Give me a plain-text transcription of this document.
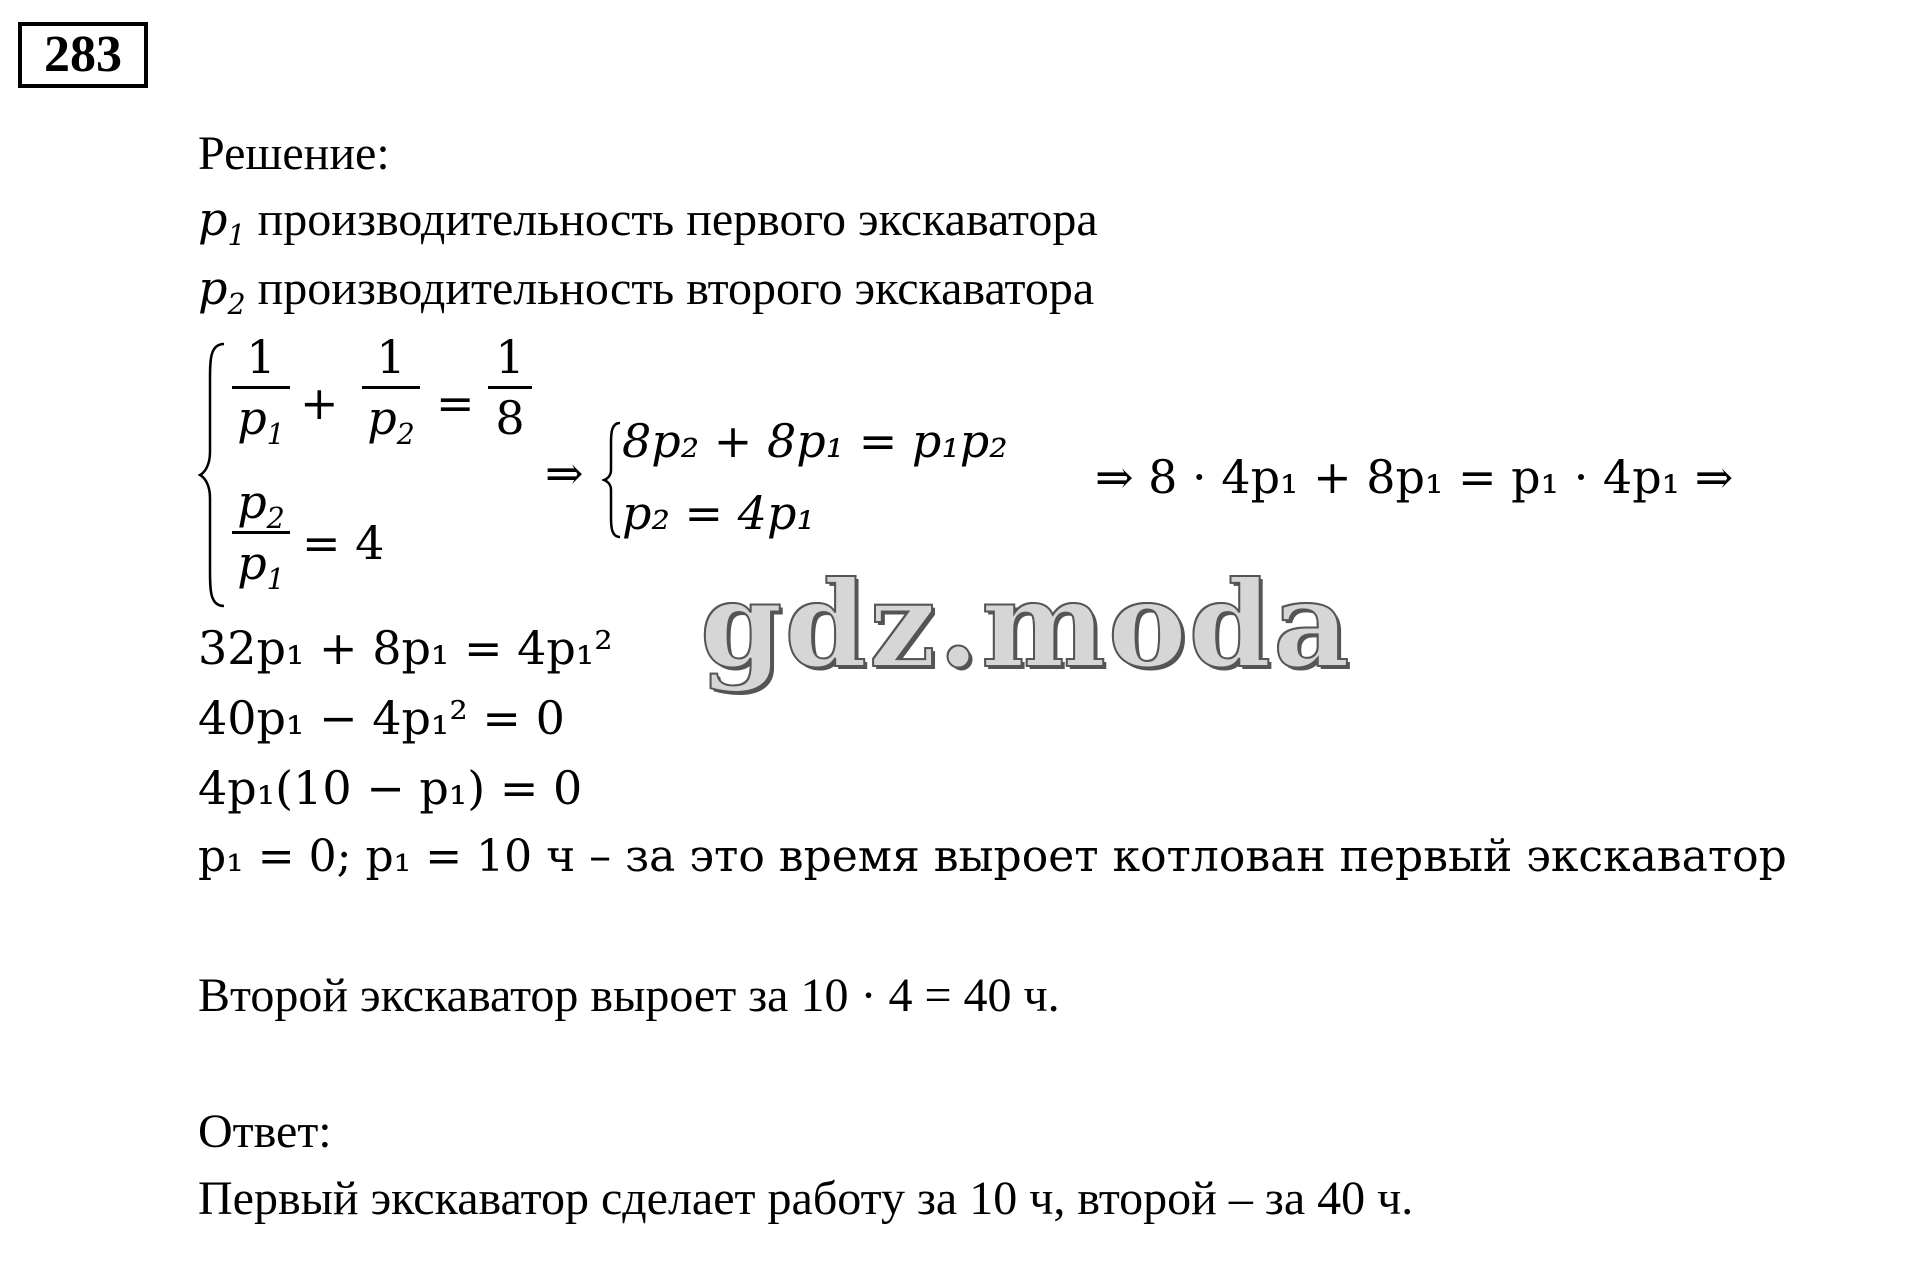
283
Решение:
$p_1$ производительность первого экскаватора
$p_2$ производительность второго экскаватора
1
$p_1$
+
1
$p_2$
=
1
8
$p_2$
$p_1$
= 4
⇒
8p₂ + 8p₁ = p₁p₂
p₂ = 4p₁
⇒ 8 · 4p₁ + 8p₁ = p₁ · 4p₁ ⇒
32p₁ + 8p₁ = 4p₁²
40p₁ − 4p₁² = 0
4p₁(10 − p₁) = 0
p₁ = 0; p₁ = 10 ч – за это время выроет котлован первый экскаватор
Второй экскаватор выроет за 10 · 4 = 40 ч.
Ответ:
Первый экскаватор сделает работу за 10 ч, второй – за 40 ч.
gdz.moda
